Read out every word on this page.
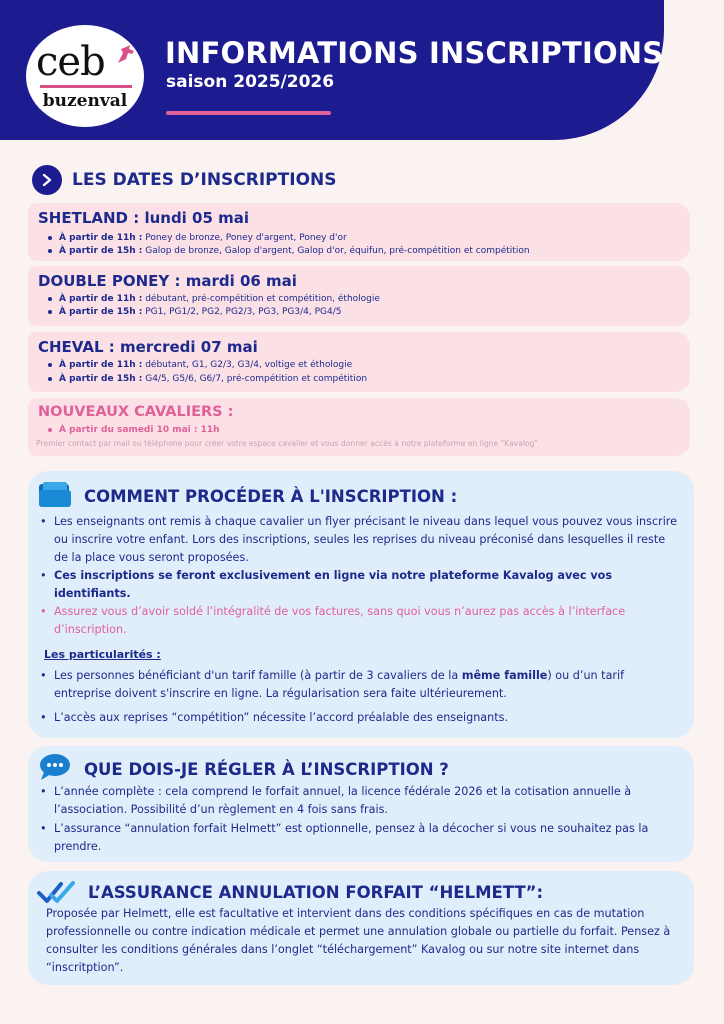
ceb
buzenval
INFORMATIONS INSCRIPTIONS
saison 2025/2026
LES DATES D’INSCRIPTIONS
SHETLAND : lundi 05 mai
À partir de 11h : Poney de bronze, Poney d'argent, Poney d'or
À partir de 15h : Galop de bronze, Galop d'argent, Galop d'or, équifun, pré-compétition et compétition
DOUBLE PONEY : mardi 06 mai
À partir de 11h : débutant, pré-compétition et compétition, éthologie
À partir de 15h : PG1, PG1/2, PG2, PG2/3, PG3, PG3/4, PG4/5
CHEVAL : mercredi 07 mai
À partir de 11h : débutant, G1, G2/3, G3/4, voltige et éthologie
À partir de 15h : G4/5, G5/6, G6/7, pré-compétition et compétition
NOUVEAUX CAVALIERS :
À partir du samedi 10 mai : 11h
Premier contact par mail ou téléphone pour créer votre espace cavalier et vous donner accès à notre plateforme en ligne "Kavalog"
COMMENT PROCÉDER À L'INSCRIPTION :
• Les enseignants ont remis à chaque cavalier un flyer précisant le niveau dans lequel vous pouvez vous inscrire ou inscrire votre enfant. Lors des inscriptions, seules les reprises du niveau préconisé dans lesquelles il reste de la place vous seront proposées.
• Ces inscriptions se feront exclusivement en ligne via notre plateforme Kavalog avec vos identifiants.
• Assurez vous d’avoir soldé l’intégralité de vos factures, sans quoi vous n’aurez pas accès à l’interface d’inscription.
Les particularités :
• Les personnes bénéficiant d'un tarif famille (à partir de 3 cavaliers de la même famille) ou d’un tarif entreprise doivent s'inscrire en ligne. La régularisation sera faite ultérieurement.
• L’accès aux reprises “compétition” nécessite l’accord préalable des enseignants.
QUE DOIS-JE RÉGLER À L’INSCRIPTION ?
• L’année complète : cela comprend le forfait annuel, la licence fédérale 2026 et la cotisation annuelle à l’association. Possibilité d’un règlement en 4 fois sans frais.
• L’assurance “annulation forfait Helmett” est optionnelle, pensez à la décocher si vous ne souhaitez pas la prendre.
L’ASSURANCE ANNULATION FORFAIT “HELMETT”:
Proposée par Helmett, elle est facultative et intervient dans des conditions spécifiques en cas de mutation professionnelle ou contre indication médicale et permet une annulation globale ou partielle du forfait. Pensez à consulter les conditions générales dans l’onglet “téléchargement” Kavalog ou sur notre site internet dans “inscritption”.
